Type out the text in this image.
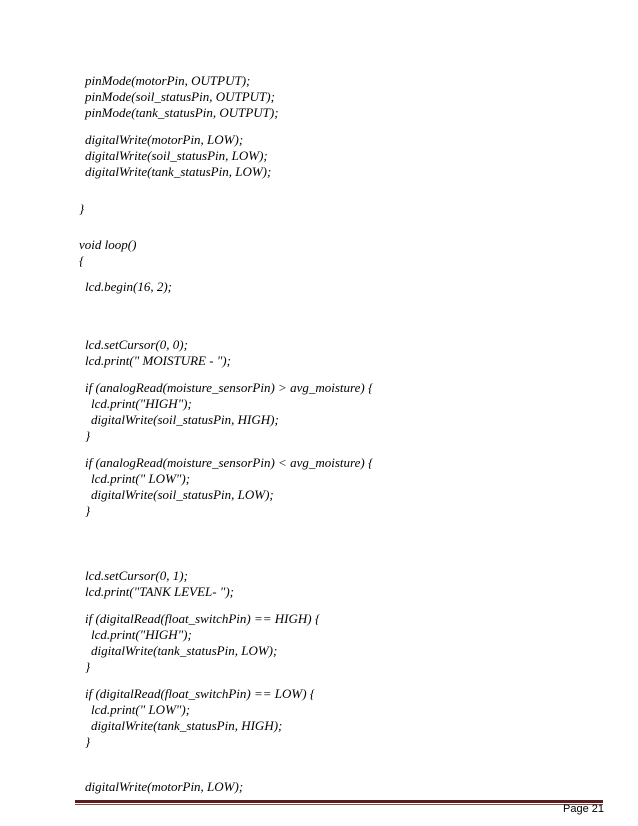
pinMode(motorPin, OUTPUT);

pinMode(soil_statusPin, OUTPUT);

pinMode(tank_statusPin, OUTPUT);

digitalWrite(motorPin, LOW);

digitalWrite(soil_statusPin, LOW);

digitalWrite(tank_statusPin, LOW);

}

void loop()

{

lcd.begin(16, 2);

lcd.setCursor(0, 0);

lcd.print(" MOISTURE - ");

if (analogRead(moisture_sensorPin) > avg_moisture) {

lcd.print("HIGH");

digitalWrite(soil_statusPin, HIGH);

}

if (analogRead(moisture_sensorPin) < avg_moisture) {

lcd.print(" LOW");

digitalWrite(soil_statusPin, LOW);

}

lcd.setCursor(0, 1);

lcd.print("TANK LEVEL- ");

if (digitalRead(float_switchPin) == HIGH) {

lcd.print("HIGH");

digitalWrite(tank_statusPin, LOW);

}

if (digitalRead(float_switchPin) == LOW) {

lcd.print(" LOW");

digitalWrite(tank_statusPin, HIGH);

}

digitalWrite(motorPin, LOW);

Page 21
